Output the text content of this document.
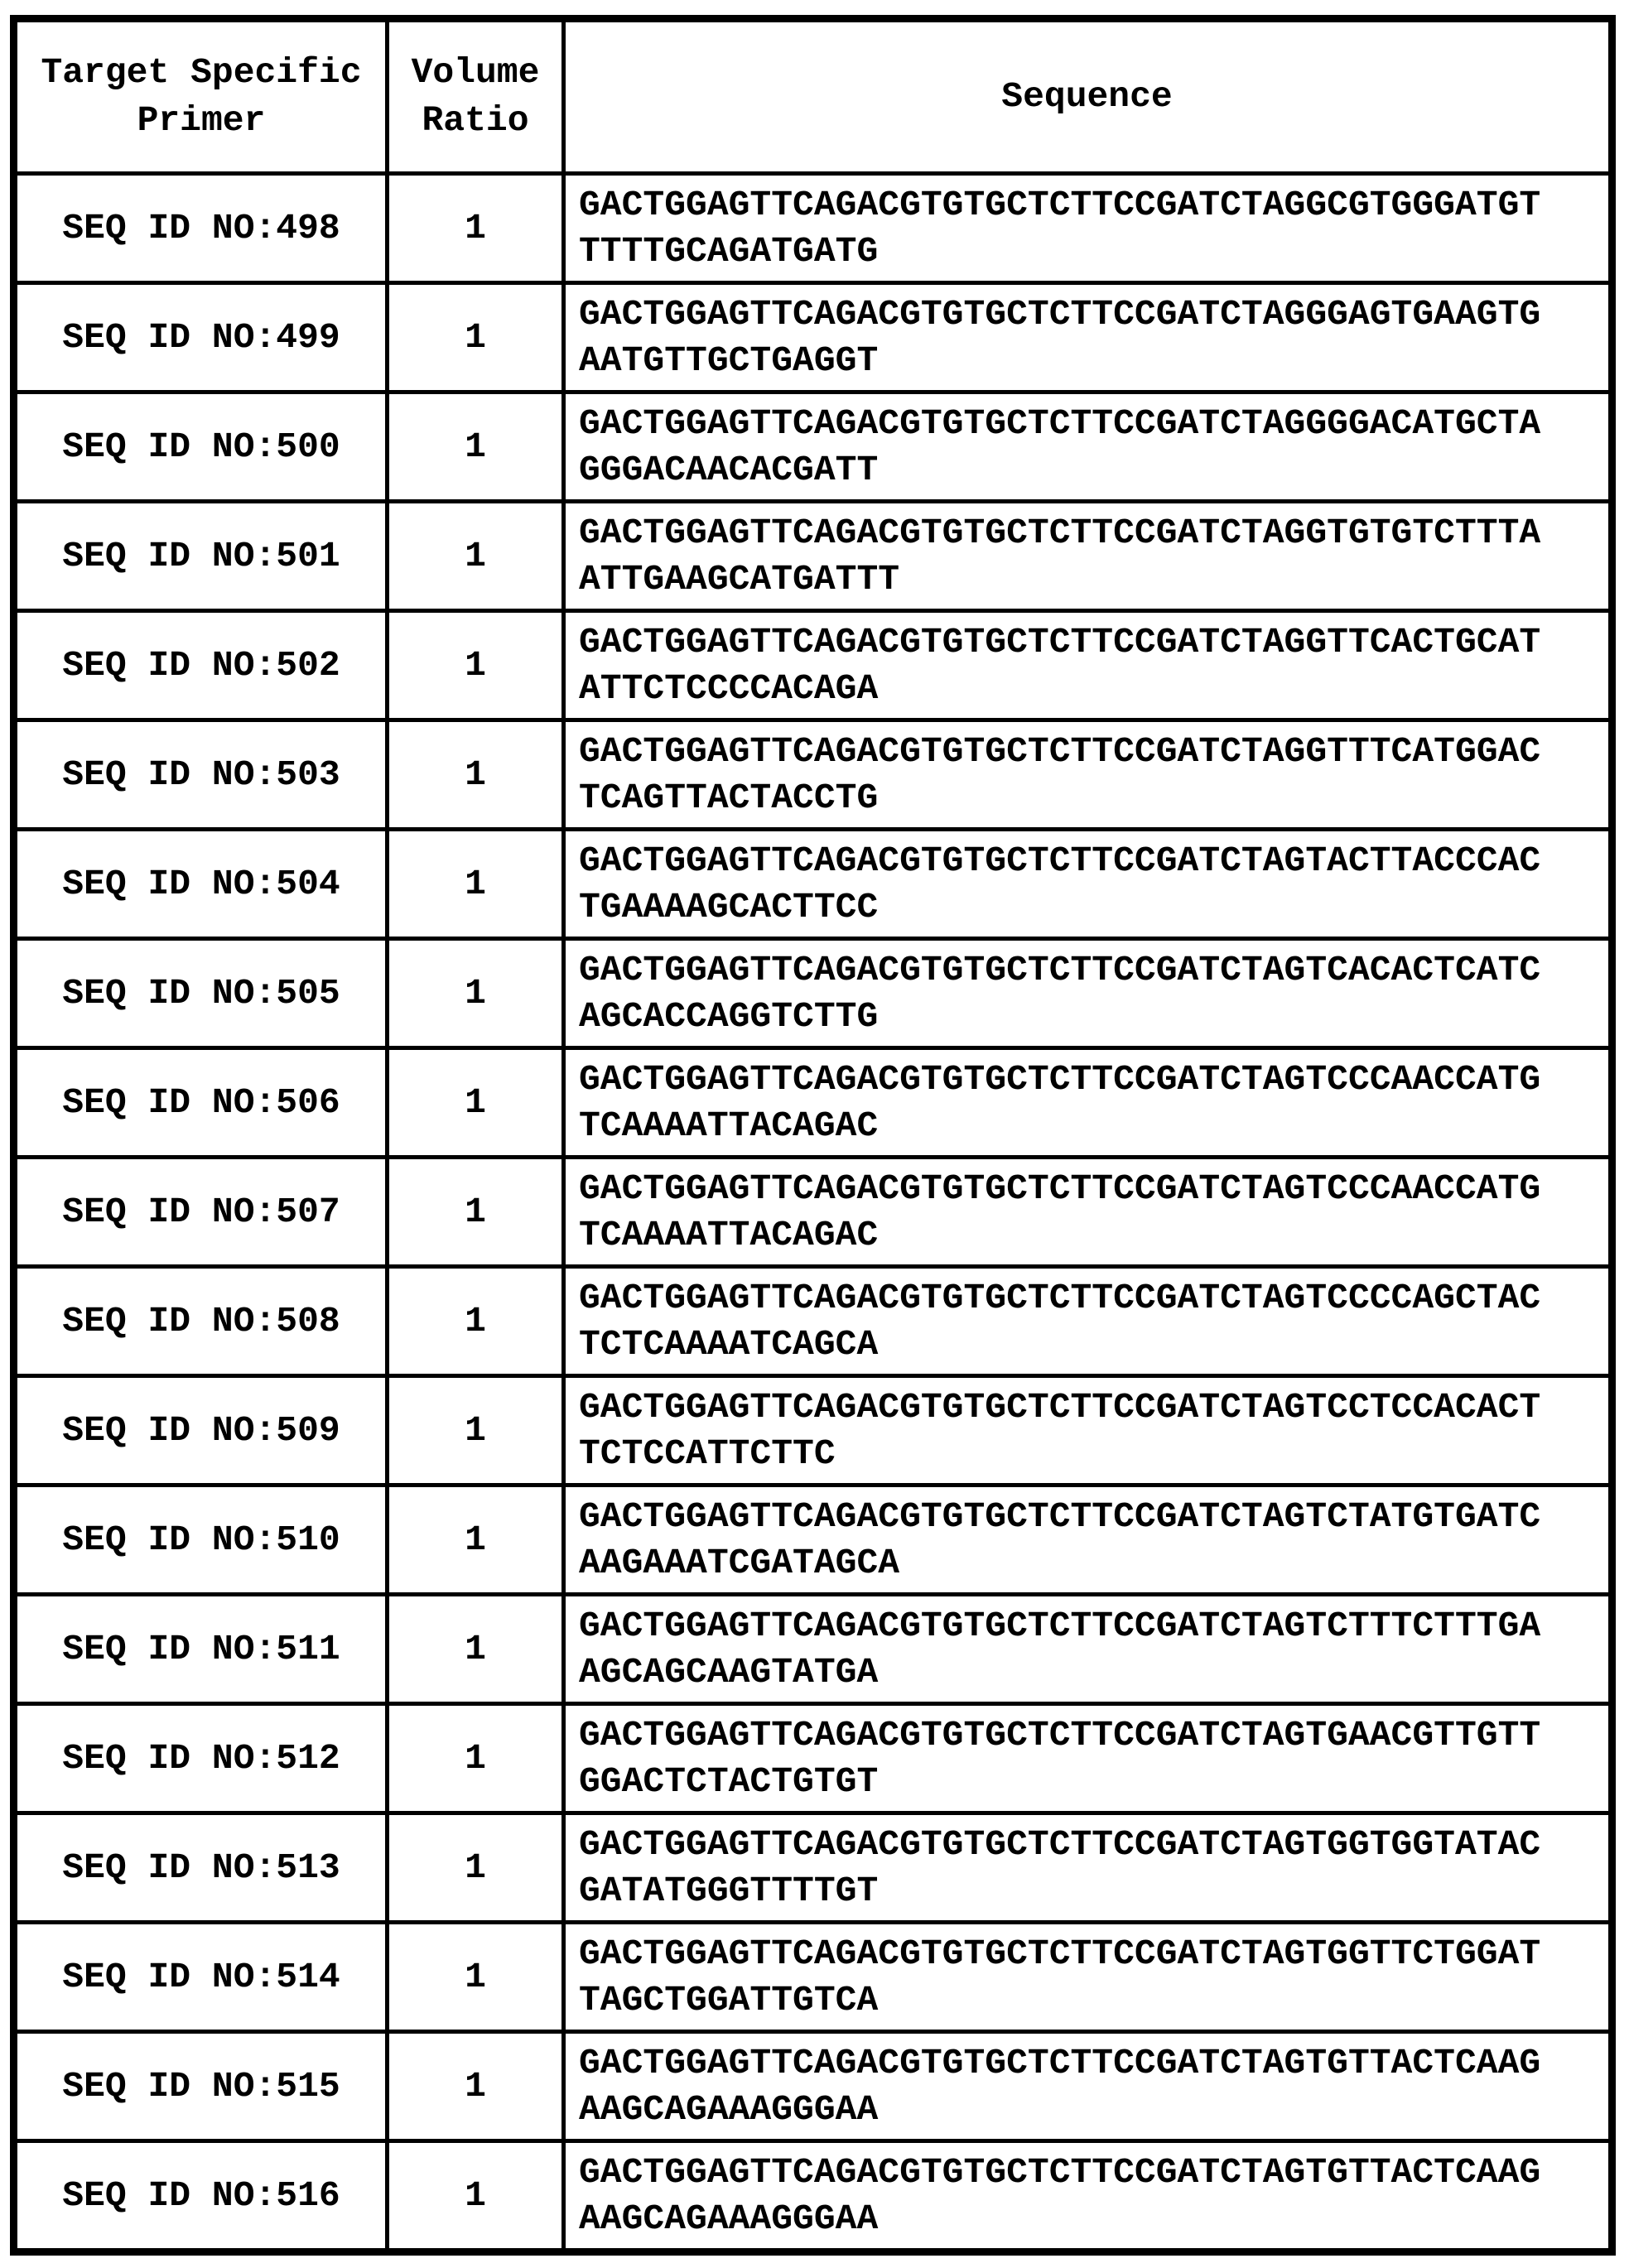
Target Specific Primer	Volume Ratio	Sequence
SEQ ID NO:498	1	GACTGGAGTTCAGACGTGTGCTCTTCCGATCTAGGCGTGGGATGTTTTTGCAGATGATG

SEQ ID NO:499	1	GACTGGAGTTCAGACGTGTGCTCTTCCGATCTAGGGAGTGAAGTGAATGTTGCTGAGGT

SEQ ID NO:500	1	GACTGGAGTTCAGACGTGTGCTCTTCCGATCTAGGGGACATGCTAGGGACAACACGATT

SEQ ID NO:501	1	GACTGGAGTTCAGACGTGTGCTCTTCCGATCTAGGTGTGTCTTTAATTGAAGCATGATTT

SEQ ID NO:502	1	GACTGGAGTTCAGACGTGTGCTCTTCCGATCTAGGTTCACTGCATATTCTCCCCACAGA

SEQ ID NO:503	1	GACTGGAGTTCAGACGTGTGCTCTTCCGATCTAGGTTTCATGGACTCAGTTACTACCTG

SEQ ID NO:504	1	GACTGGAGTTCAGACGTGTGCTCTTCCGATCTAGTACTTACCCACTGAAAAGCACTTCC

SEQ ID NO:505	1	GACTGGAGTTCAGACGTGTGCTCTTCCGATCTAGTCACACTCATCAGCACCAGGTCTTG

SEQ ID NO:506	1	GACTGGAGTTCAGACGTGTGCTCTTCCGATCTAGTCCCAACCATGTCAAAATTACAGAC

SEQ ID NO:507	1	GACTGGAGTTCAGACGTGTGCTCTTCCGATCTAGTCCCAACCATGTCAAAATTACAGAC

SEQ ID NO:508	1	GACTGGAGTTCAGACGTGTGCTCTTCCGATCTAGTCCCCAGCTACTCTCAAAATCAGCA

SEQ ID NO:509	1	GACTGGAGTTCAGACGTGTGCTCTTCCGATCTAGTCCTCCACACTTCTCCATTCTTC

SEQ ID NO:510	1	GACTGGAGTTCAGACGTGTGCTCTTCCGATCTAGTCTATGTGATCAAGAAATCGATAGCA

SEQ ID NO:511	1	GACTGGAGTTCAGACGTGTGCTCTTCCGATCTAGTCTTTCTTTGAAGCAGCAAGTATGA

SEQ ID NO:512	1	GACTGGAGTTCAGACGTGTGCTCTTCCGATCTAGTGAACGTTGTTGGACTCTACTGTGT

SEQ ID NO:513	1	GACTGGAGTTCAGACGTGTGCTCTTCCGATCTAGTGGTGGTATACGATATGGGTTTTGT

SEQ ID NO:514	1	GACTGGAGTTCAGACGTGTGCTCTTCCGATCTAGTGGTTCTGGATTAGCTGGATTGTCA

SEQ ID NO:515	1	GACTGGAGTTCAGACGTGTGCTCTTCCGATCTAGTGTTACTCAAGAAGCAGAAAGGGAA

SEQ ID NO:516	1	GACTGGAGTTCAGACGTGTGCTCTTCCGATCTAGTGTTACTCAAGAAGCAGAAAGGGAA
